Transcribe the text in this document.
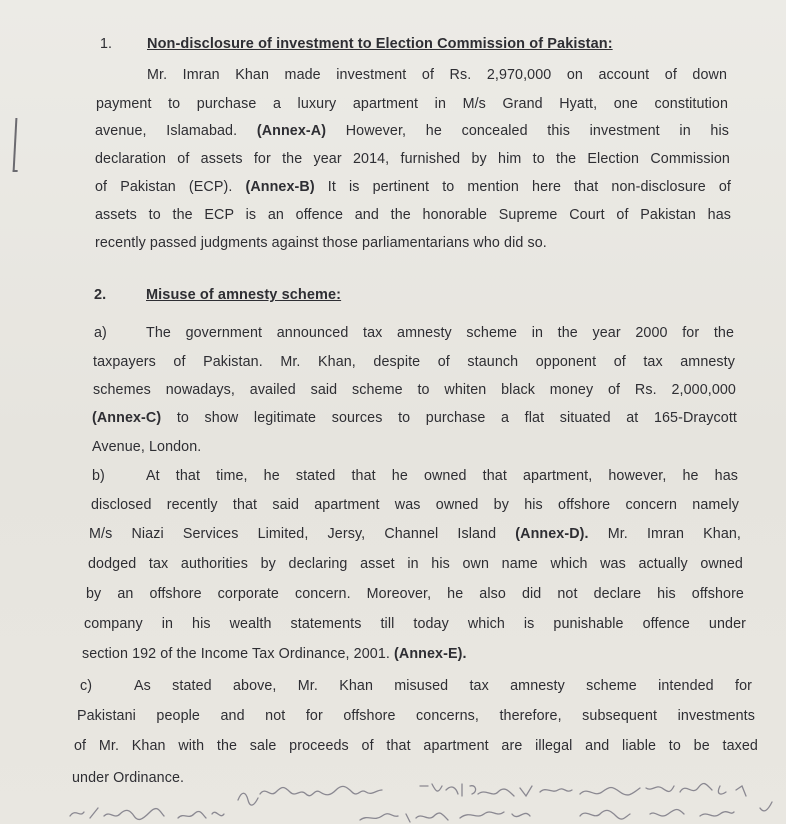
1. Non-disclosure of investment to Election Commission of Pakistan:
Mr. Imran Khan made investment of Rs. 2,970,000 on account of down
payment to purchase a luxury apartment in M/s Grand Hyatt, one constitution
avenue, Islamabad. (Annex-A) However, he concealed this investment in his
declaration of assets for the year 2014, furnished by him to the Election Commission
of Pakistan (ECP). (Annex-B) It is pertinent to mention here that non-disclosure of
assets to the ECP is an offence and the honorable Supreme Court of Pakistan has
recently passed judgments against those parliamentarians who did so.
2.	Misuse of amnesty scheme:
a)	The government announced tax amnesty scheme in the year 2000 for the
taxpayers of Pakistan. Mr. Khan, despite of staunch opponent of tax amnesty
schemes nowadays, availed said scheme to whiten black money of Rs. 2,000,000
(Annex-C) to show legitimate sources to purchase a flat situated at 165-Draycott
Avenue, London.
b)	At that time, he stated that he owned that apartment, however, he has
disclosed recently that said apartment was owned by his offshore concern namely
M/s Niazi Services Limited, Jersy, Channel Island (Annex-D). Mr. Imran Khan,
dodged tax authorities by declaring asset in his own name which was actually owned
by an offshore corporate concern. Moreover, he also did not declare his offshore
company in his wealth statements till today which is punishable offence under
section 192 of the Income Tax Ordinance, 2001. (Annex-E).
c)	As stated above, Mr. Khan misused tax amnesty scheme intended for
Pakistani people and not for offshore concerns, therefore, subsequent investments
of Mr. Khan with the sale proceeds of that apartment are illegal and liable to be taxed
under Ordinance.
